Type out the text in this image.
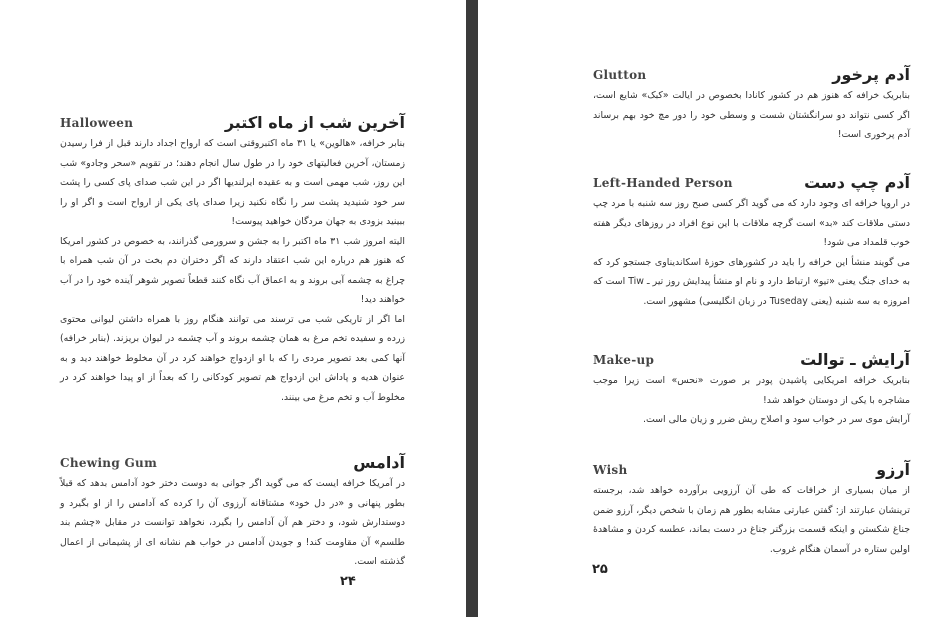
Halloween	آخرین شب از ماه اکتبر

بنابر خرافه، «هالوین» یا ۳۱ ماه اکتبروقتی است که ارواح اجداد دارند قبل از فرا رسیدن زمستان، آخرین فعالیتهای خود را در طول سال انجام دهند؛ در تقویم «سحر وجادو» شب این روز، شب مهمی است و به عقیده ایرلندیها اگر در این شب صدای پای کسی را پشت سر خود شنیدید پشت سر را نگاه نکنید زیرا صدای پای یکی از ارواح است و اگر او را ببینید بزودی به جهان مردگان خواهید پیوست!

الیته امروز شب ۳۱ ماه اکتبر را به جشن و سرورمی گذرانند، به خصوص در کشور امریکا که هنوز هم درباره این شب اعتقاد دارند که اگر دختران دم بخت در آن شب همراه با چراغ به چشمه آبی بروند و به اعماق آب نگاه کنند قطعاً تصویر شوهر آینده خود را در آب خواهند دید!

اما اگر از تاریکی شب می ترسند می توانند هنگام روز با همراه داشتن لیوانی محتوی زرده و سفیده تخم مرغ به همان چشمه بروند و آب چشمه در لیوان بریزند. (بنابر خرافه) آنها کمی بعد تصویر مردی را که با او ازدواج خواهند کرد در آن مخلوط خواهند دید و به عنوان هدیه و پاداش این ازدواج هم تصویر کودکانی را که بعداً از او پیدا خواهند کرد در مخلوط آب و تخم مرغ می بینند.

Chewing Gum	آدامس

در آمریکا خرافه ایست که می گوید اگر جوانی به دوست دختر خود آدامس بدهد که قبلاً بطور پنهانی و «در دل خود» مشتاقانه آرزوی آن را کرده که آدامس را از او بگیرد و دوستدارش شود، و دختر هم آن آدامس را بگیرد، نخواهد توانست در مقابل «چشم بند طلسم» آن مقاومت کند! و جویدن آدامس در خواب هم نشانه ای از پشیمانی از اعمال گذشته است.

۲۴
Glutton	آدم پرخور

بنابریک خرافه که هنوز هم در کشور کانادا بخصوص در ایالت «کبک» شایع است، اگر کسی نتواند دو سرانگشتان شست و وسطی خود را دور مچ خود بهم برساند آدم پرخوری است!

Left-Handed Person	آدم چپ دست

در اروپا خرافه ای وجود دارد که می گوید اگر کسی صبح روز سه شنبه با مرد چپ دستی ملاقات کند «بد» است گرچه ملاقات با این نوع افراد در روزهای دیگر هفته خوب قلمداد می شود!

می گویند منشأ این خرافه را باید در کشورهای حوزهٔ اسکاندیناوی جستجو کرد که به خدای جنگ یعنی «تیو» ارتباط دارد و نام او منشأ پیدایش روز تیر ـ Tiw است که امروزه به سه شنبه (یعنی Tuseday در زبان انگلیسی) مشهور است.

Make-up	آرایش ـ توالت

بنابریک خرافه امریکایی پاشیدن پودر بر صورت «نحس» است زیرا موجب مشاجره با یکی از دوستان خواهد شد!

آرایش موی سر در خواب سود و اصلاح ریش ضرر و زیان مالی است.

Wish	آرزو

از میان بسیاری از خرافات که طی آن آرزویی برآورده خواهد شد، برجسته ترینشان عبارتند از: گفتن عبارتی مشابه بطور هم زمان با شخص دیگر، آرزو ضمن جناغ شکستن و اینکه قسمت بزرگتر جناغ در دست بماند، عطسه کردن و مشاهدهٔ اولین ستاره در آسمان هنگام غروب.

۲۵
